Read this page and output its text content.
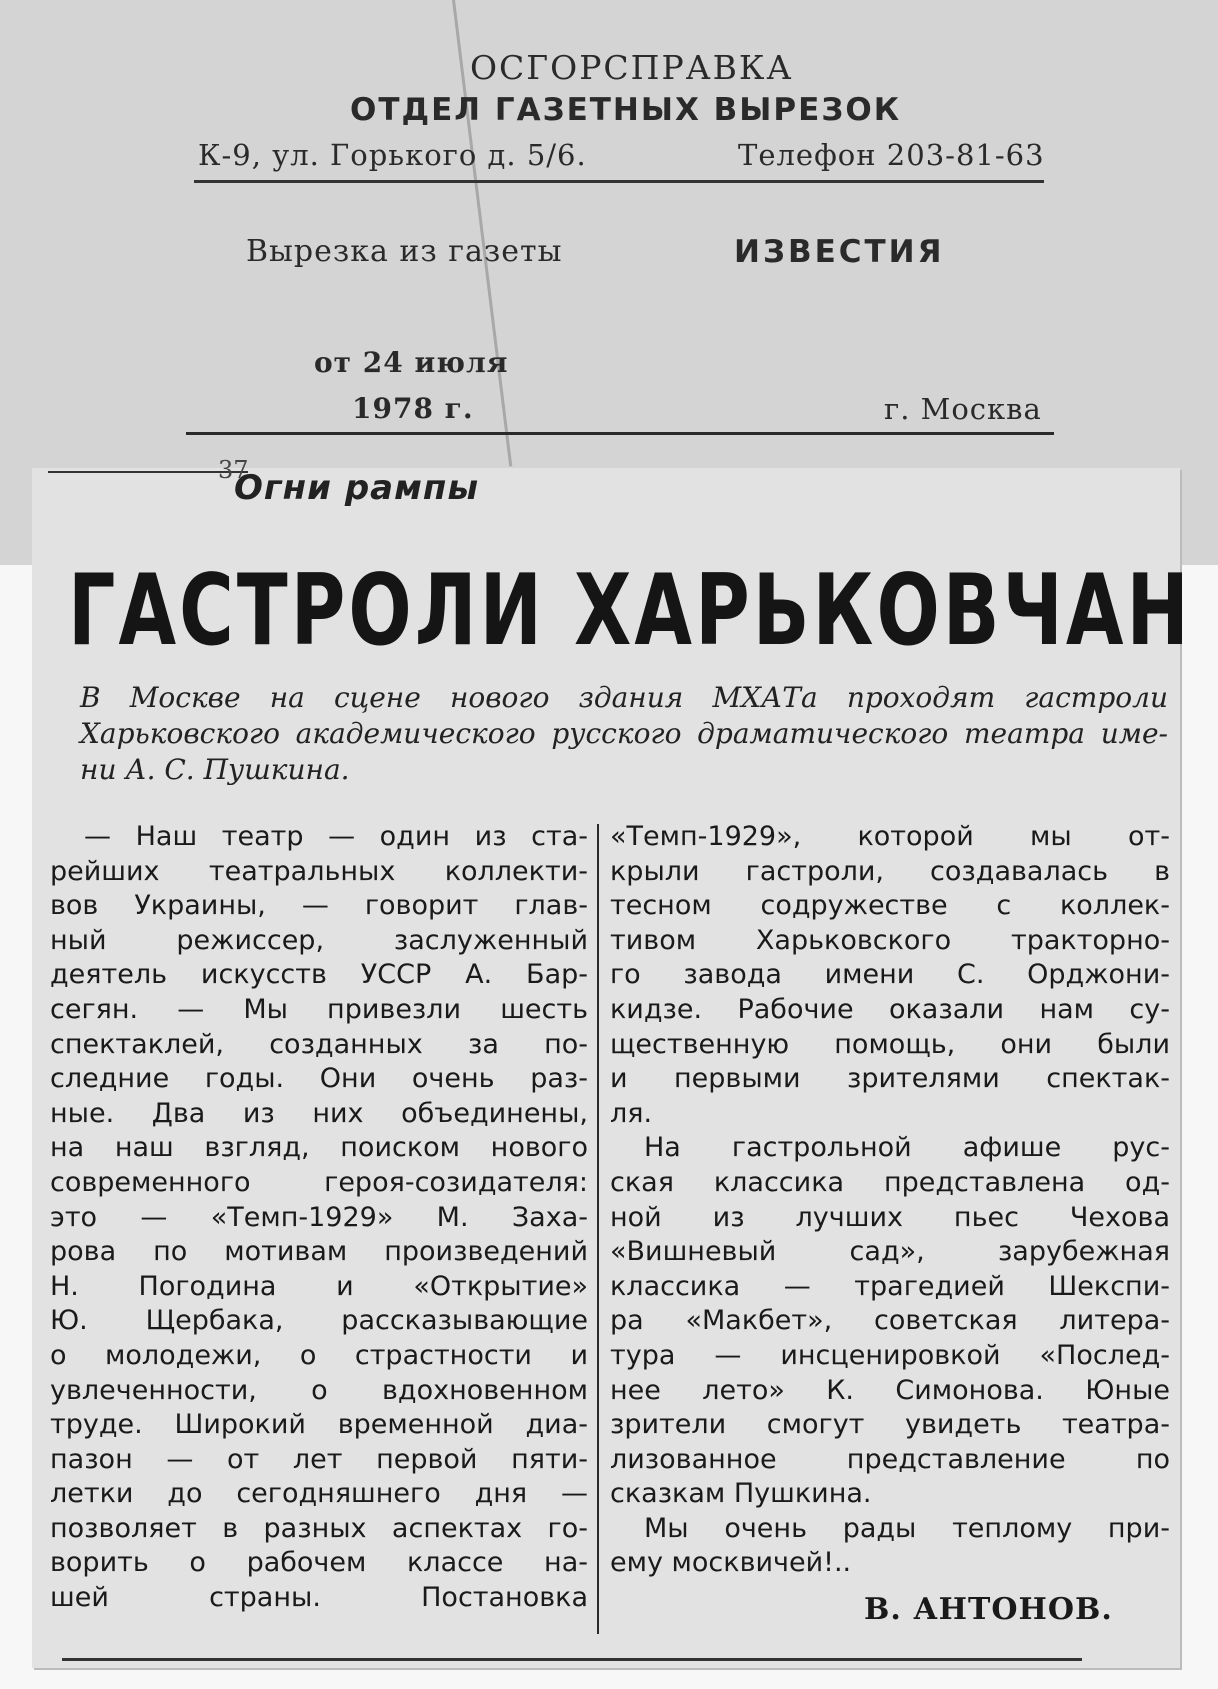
ОСГОРСПРАВКА
ОТДЕЛ ГАЗЕТНЫХ ВЫРЕЗОК
К-9, ул. Горького д. 5/6.	Телефон 203-81-63
Вырезка из газеты	ИЗВЕСТИЯ
от 24 июля
1978 г.	г. Москва
37
Огни рампы
ГАСТРОЛИ ХАРЬКОВЧАН

В Москве на сцене нового здания МХАТа проходят гастроли
Харьковского академического русского драматического театра име-
ни А. С. Пушкина.

— Наш театр — один из ста-
рейших театральных коллекти-
вов Украины, — говорит глав-
ный режиссер, заслуженный
деятель искусств УССР А. Бар-
сегян. — Мы привезли шесть
спектаклей, созданных за по-
следние годы. Они очень раз-
ные. Два из них объединены,
на наш взгляд, поиском нового
современного героя-созидателя:
это — «Темп-1929» М. Заха-
рова по мотивам произведений
Н. Погодина и «Открытие»
Ю. Щербака, рассказывающие
о молодежи, о страстности и
увлеченности, о вдохновенном
труде. Широкий временной диа-
пазон — от лет первой пяти-
летки до сегодняшнего дня —
позволяет в разных аспектах го-
ворить о рабочем классе на-
шей страны. Постановка
«Темп-1929», которой мы от-
крыли гастроли, создавалась в
тесном содружестве с коллек-
тивом Харьковского тракторно-
го завода имени С. Орджони-
кидзе. Рабочие оказали нам су-
щественную помощь, они были
и первыми зрителями спектак-
ля.
На гастрольной афише рус-
ская классика представлена од-
ной из лучших пьес Чехова
«Вишневый сад», зарубежная
классика — трагедией Шекспи-
ра «Макбет», советская литера-
тура — инсценировкой «Послед-
нее лето» К. Симонова. Юные
зрители смогут увидеть театра-
лизованное представление по
сказкам Пушкина.
Мы очень рады теплому при-
ему москвичей!..
В. АНТОНОВ.
